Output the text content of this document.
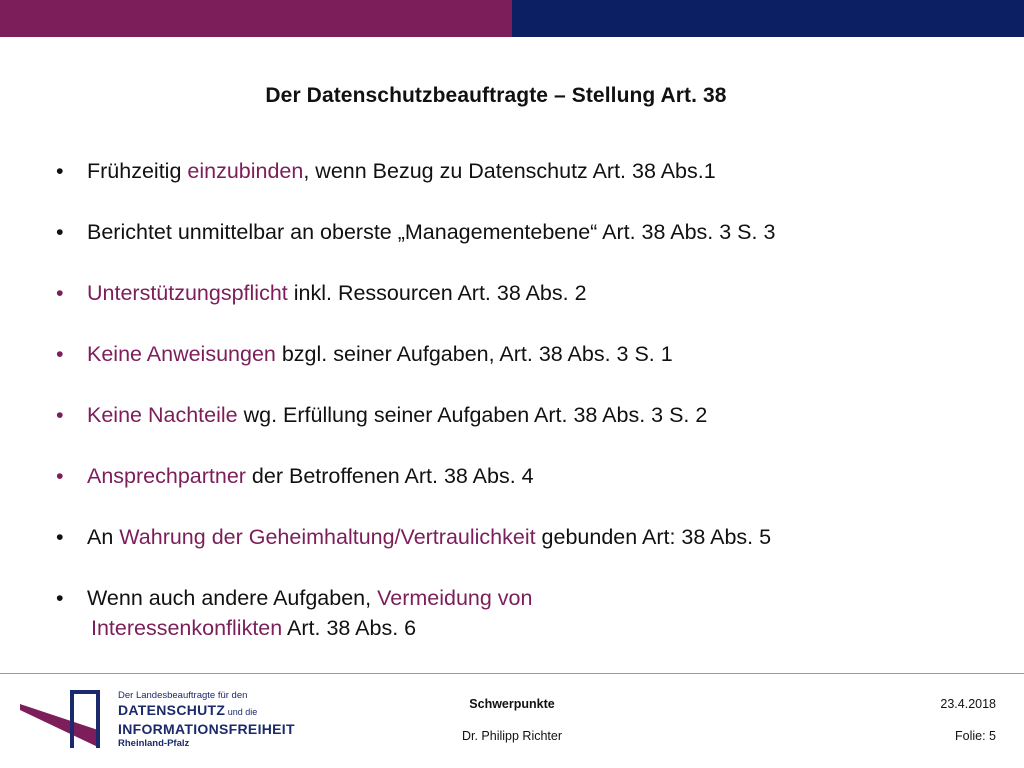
Der Datenschutzbeauftragte – Stellung Art. 38
•	Frühzeitig einzubinden, wenn Bezug zu Datenschutz Art. 38 Abs.1
•	Berichtet unmittelbar an oberste „Managementebene“ Art. 38 Abs. 3 S. 3
•	Unterstützungspflicht inkl. Ressourcen Art. 38 Abs. 2
•	Keine Anweisungen bzgl. seiner Aufgaben, Art. 38 Abs. 3 S. 1
•	Keine Nachteile wg. Erfüllung seiner Aufgaben Art. 38 Abs. 3 S. 2
•	Ansprechpartner der Betroffenen Art. 38 Abs. 4
•	An Wahrung der Geheimhaltung/Vertraulichkeit gebunden Art: 38 Abs. 5
•	Wenn auch andere Aufgaben, Vermeidung von
Interessenkonflikten Art. 38 Abs. 6
Der Landesbeauftragte für den
DATENSCHUTZ und die
INFORMATIONSFREIHEIT
Rheinland-Pfalz
Schwerpunkte
Dr. Philipp Richter
23.4.2018
Folie: 5
